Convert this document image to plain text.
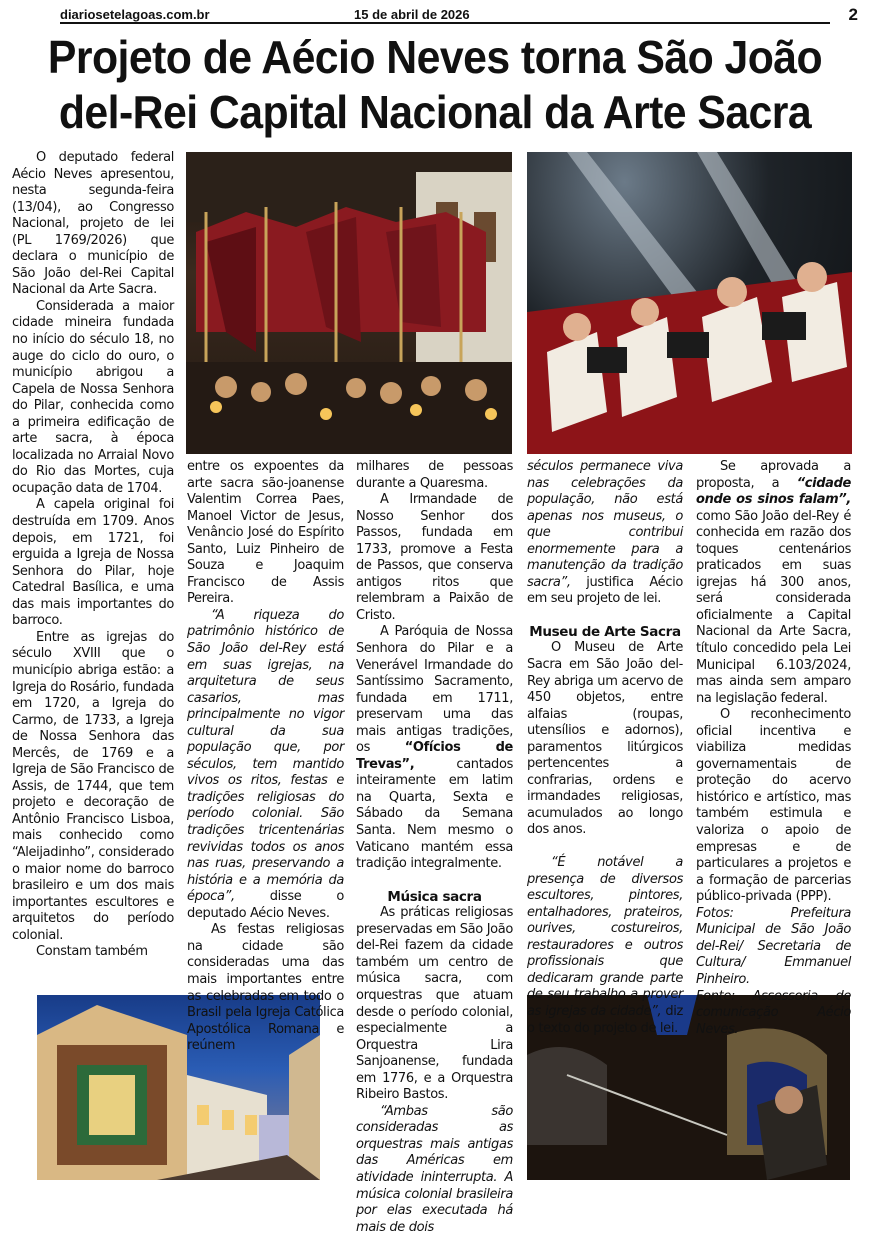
diariosetelagoas.com.br	15 de abril de 2026	2
Projeto de Aécio Neves torna São João
del-Rei Capital Nacional da Arte Sacra

O deputado federal Aécio Neves apresentou, nesta segunda-feira (13/04), ao Congresso Nacional, projeto de lei (PL 1769/2026) que declara o município de São João del-Rei Capital Nacional da Arte Sacra.

Considerada a maior cidade mineira fundada no início do século 18, no auge do ciclo do ouro, o município abrigou a Capela de Nossa Senhora do Pilar, conhecida como a primeira edificação de arte sacra, à época localizada no Arraial Novo do Rio das Mortes, cuja ocupação data de 1704.

A capela original foi destruída em 1709. Anos depois, em 1721, foi erguida a Igreja de Nossa Senhora do Pilar, hoje Catedral Basílica, e uma das mais importantes do barroco.

Entre as igrejas do século XVIII que o município abriga estão: a Igreja do Rosário, fundada em 1720, a Igreja do Carmo, de 1733, a Igreja de Nossa Senhora das Mercês, de 1769 e a Igreja de São Francisco de Assis, de 1744, que tem projeto e decoração de Antônio Francisco Lisboa, mais conhecido como “Aleijadinho”, considerado o maior nome do barroco brasileiro e um dos mais importantes escultores e arquitetos do período colonial.

Constam também

entre os expoentes da arte sacra são-joanense Valentim Correa Paes, Manoel Victor de Jesus, Venâncio José do Espírito Santo, Luiz Pinheiro de Souza e Joaquim Francisco de Assis Pereira.

“A riqueza do patrimônio histórico de São João del-Rey está em suas igrejas, na arquitetura de seus casarios, mas principalmente no vigor cultural da sua população que, por séculos, tem mantido vivos os ritos, festas e tradições religiosas do período colonial. São tradições tricentenárias revividas todos os anos nas ruas, preservando a história e a memória da época”, disse o deputado Aécio Neves.

As festas religiosas na cidade são consideradas uma das mais importantes entre as celebradas em todo o Brasil pela Igreja Católica Apostólica Romana e reúnem

milhares de pessoas durante a Quaresma.

A Irmandade de Nosso Senhor dos Passos, fundada em 1733, promove a Festa de Passos, que conserva antigos ritos que relembram a Paixão de Cristo.

A Paróquia de Nossa Senhora do Pilar e a Venerável Irmandade do Santíssimo Sacramento, fundada em 1711, preservam uma das mais antigas tradições, os “Ofícios de Trevas”, cantados inteiramente em latim na Quarta, Sexta e Sábado da Semana Santa. Nem mesmo o Vaticano mantém essa tradição integralmente.

Música sacra

As práticas religiosas preservadas em São João del-Rei fazem da cidade também um centro de música sacra, com orquestras que atuam desde o período colonial, especialmente a Orquestra Lira Sanjoanense, fundada em 1776, e a Orquestra Ribeiro Bastos.

“Ambas são consideradas as orquestras mais antigas das Américas em atividade ininterrupta. A música colonial brasileira por elas executada há mais de dois

séculos permanece viva nas celebrações da população, não está apenas nos museus, o que contribui enormemente para a manutenção da tradição sacra”, justifica Aécio em seu projeto de lei.

Museu de Arte Sacra

O Museu de Arte Sacra em São João del-Rey abriga um acervo de 450 objetos, entre alfaias (roupas, utensílios e adornos), paramentos litúrgicos pertencentes a confrarias, ordens e irmandades religiosas, acumulados ao longo dos anos.

“É notável a presença de diversos escultores, pintores, entalhadores, prateiros, ourives, costureiros, restauradores e outros profissionais que dedicaram grande parte de seu trabalho a prover as igrejas da cidade”, diz o texto do projeto de lei.

Se aprovada a proposta, a “cidade onde os sinos falam”, como São João del-Rey é conhecida em razão dos toques centenários praticados em suas igrejas há 300 anos, será considerada oficialmente a Capital Nacional da Arte Sacra, título concedido pela Lei Municipal 6.103/2024, mas ainda sem amparo na legislação federal.

O reconhecimento oficial incentiva e viabiliza medidas governamentais de proteção do acervo histórico e artístico, mas também estimula e valoriza o apoio de empresas e de particulares a projetos e a formação de parcerias público-privada (PPP).

Fotos: Prefeitura Municipal de São João del-Rei/ Secretaria de Cultura/ Emmanuel Pinheiro.

Fonte: Assessoria de comunicação Aécio Neves.
